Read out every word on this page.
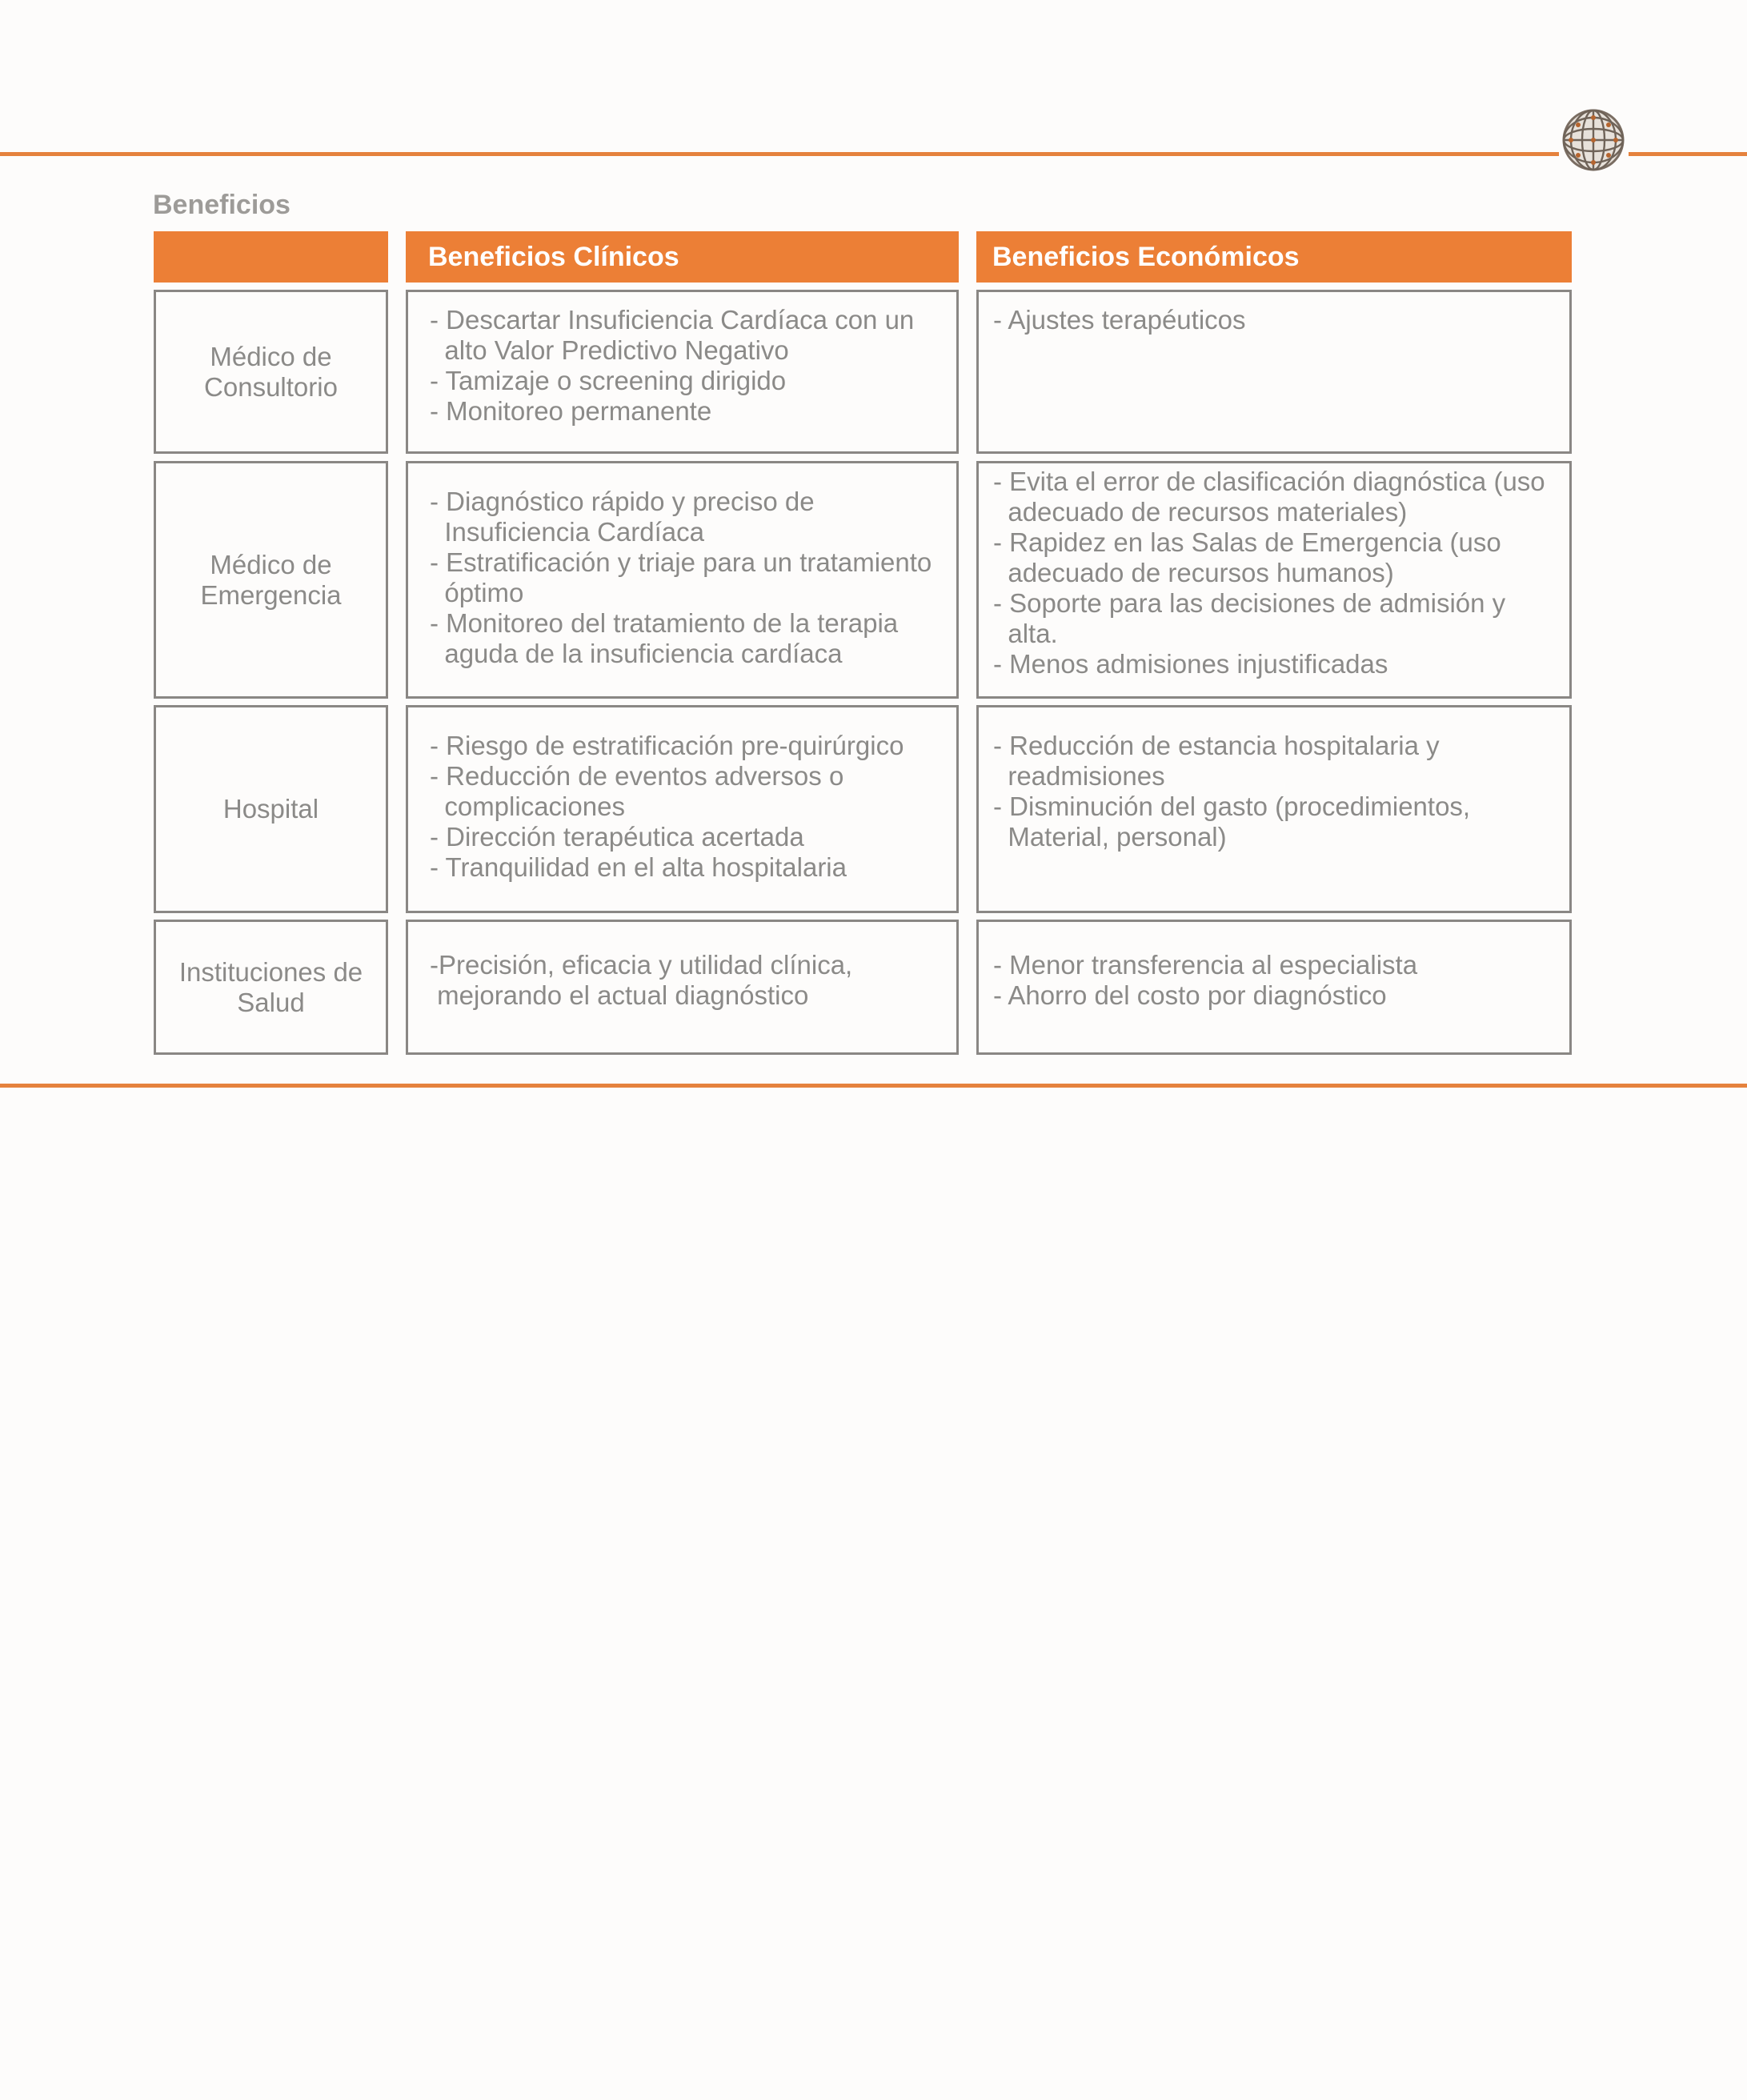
Beneficios
Beneficios Clínicos	Beneficios Económicos
Médico de
Consultorio
- Descartar Insuficiencia Cardíaca con un
alto Valor Predictivo Negativo
- Tamizaje o screening dirigido
- Monitoreo permanente
- Ajustes terapéuticos
Médico de
Emergencia
- Diagnóstico rápido y preciso de
Insuficiencia Cardíaca
- Estratificación y triaje para un tratamiento
óptimo
- Monitoreo del tratamiento de la terapia
aguda de la insuficiencia cardíaca
- Evita el error de clasificación diagnóstica (uso
adecuado de recursos materiales)
- Rapidez en las Salas de Emergencia (uso
adecuado de recursos humanos)
- Soporte para las decisiones de admisión y
alta.
- Menos admisiones injustificadas
Hospital
- Riesgo de estratificación pre-quirúrgico
- Reducción de eventos adversos o
complicaciones
- Dirección terapéutica acertada
- Tranquilidad en el alta hospitalaria
- Reducción de estancia hospitalaria y
readmisiones
- Disminución del gasto (procedimientos,
Material, personal)
Instituciones de
Salud
-Precisión, eficacia y utilidad clínica,
mejorando el actual diagnóstico
- Menor transferencia al especialista
- Ahorro del costo por diagnóstico
